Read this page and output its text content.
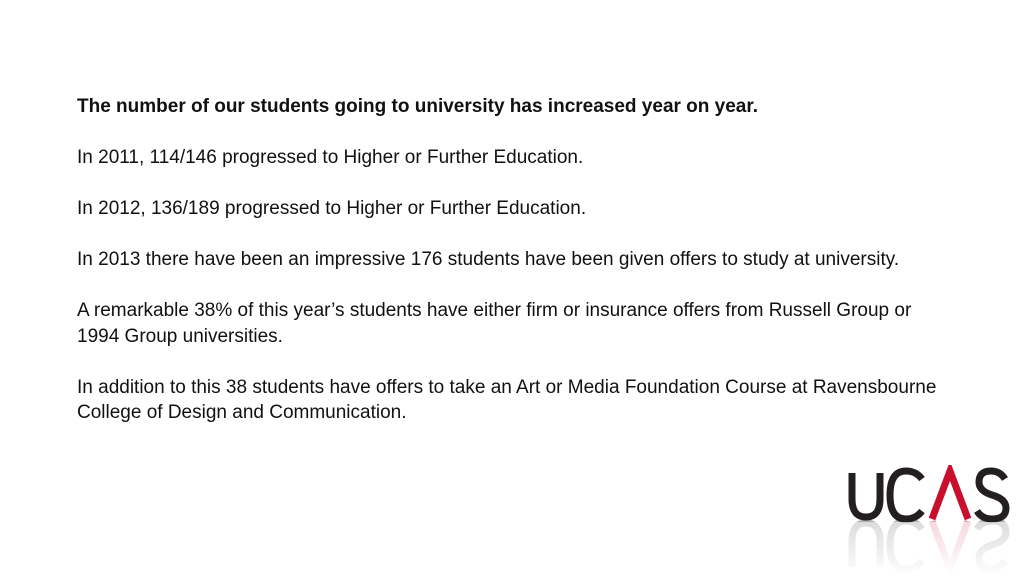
The number of our students going to university has increased year on year.

In 2011, 114/146 progressed to Higher or Further Education.

In 2012, 136/189 progressed to Higher or Further Education.

In 2013 there have been an impressive 176 students have been given offers to study at university.

A remarkable 38% of this year’s students have either firm or insurance offers from Russell Group or 1994 Group universities.

In addition to this 38 students have offers to take an Art or Media Foundation Course at Ravensbourne College of Design and Communication.
